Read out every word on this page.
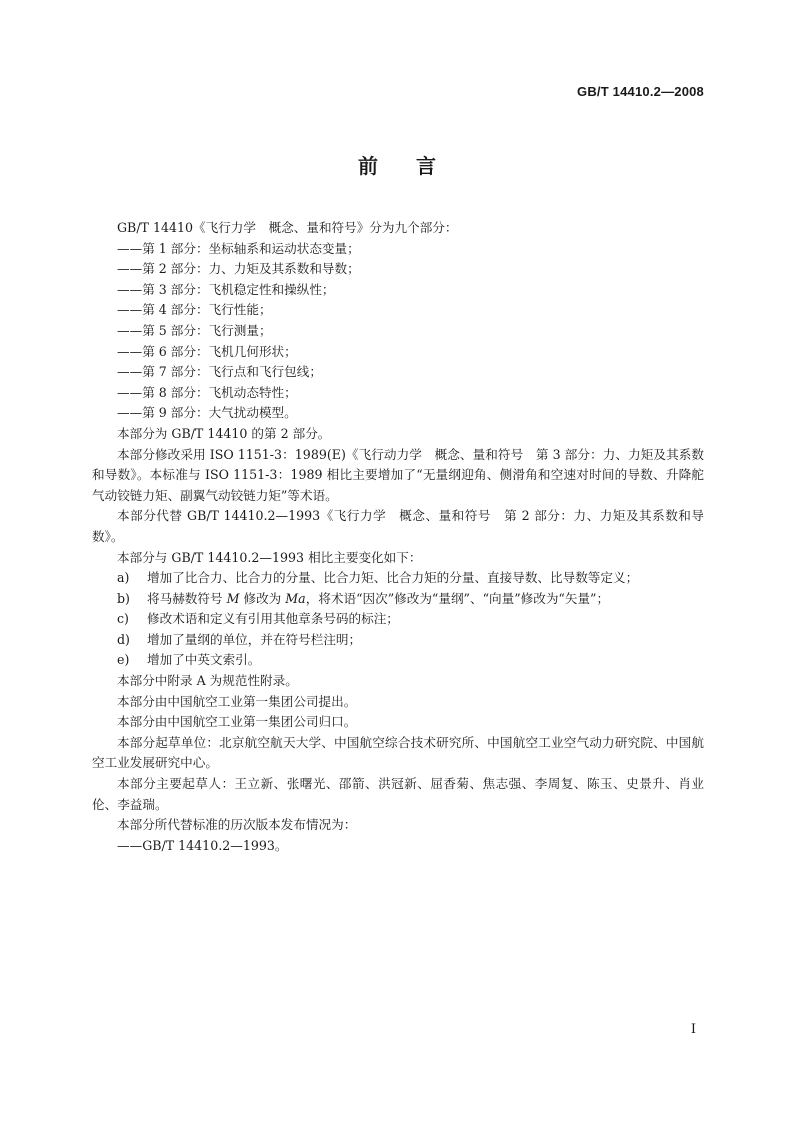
GB/T 14410.2—2008
前言

GB/T 14410《飞行力学　概念、量和符号》分为九个部分：

——第 1 部分：坐标轴系和运动状态变量；

——第 2 部分：力、力矩及其系数和导数；

——第 3 部分：飞机稳定性和操纵性；

——第 4 部分：飞行性能；

——第 5 部分：飞行测量；

——第 6 部分：飞机几何形状；

——第 7 部分：飞行点和飞行包线；

——第 8 部分：飞机动态特性；

——第 9 部分：大气扰动模型。

本部分为 GB/T 14410 的第 2 部分。

本部分修改采用 ISO 1151-3：1989(E)《飞行动力学　概念、量和符号　第 3 部分：力、力矩及其系数和导数》。本标准与 ISO 1151-3：1989 相比主要增加了“无量纲迎角、侧滑角和空速对时间的导数、升降舵气动铰链力矩、副翼气动铰链力矩”等术语。

本部分代替 GB/T 14410.2—1993《飞行力学　概念、量和符号　第 2 部分：力、力矩及其系数和导数》。

本部分与 GB/T 14410.2—1993 相比主要变化如下：

a) 增加了比合力、比合力的分量、比合力矩、比合力矩的分量、直接导数、比导数等定义；

b) 将马赫数符号 M 修改为 Ma，将术语“因次”修改为“量纲”、“向量”修改为“矢量”；

c) 修改术语和定义有引用其他章条号码的标注；

d) 增加了量纲的单位，并在符号栏注明；

e) 增加了中英文索引。

本部分中附录 A 为规范性附录。

本部分由中国航空工业第一集团公司提出。

本部分由中国航空工业第一集团公司归口。

本部分起草单位：北京航空航天大学、中国航空综合技术研究所、中国航空工业空气动力研究院、中国航空工业发展研究中心。

本部分主要起草人：王立新、张曙光、邵箭、洪冠新、屈香菊、焦志强、李周复、陈玉、史景升、肖业伦、李益瑞。

本部分所代替标准的历次版本发布情况为：

——GB/T 14410.2—1993。

I
